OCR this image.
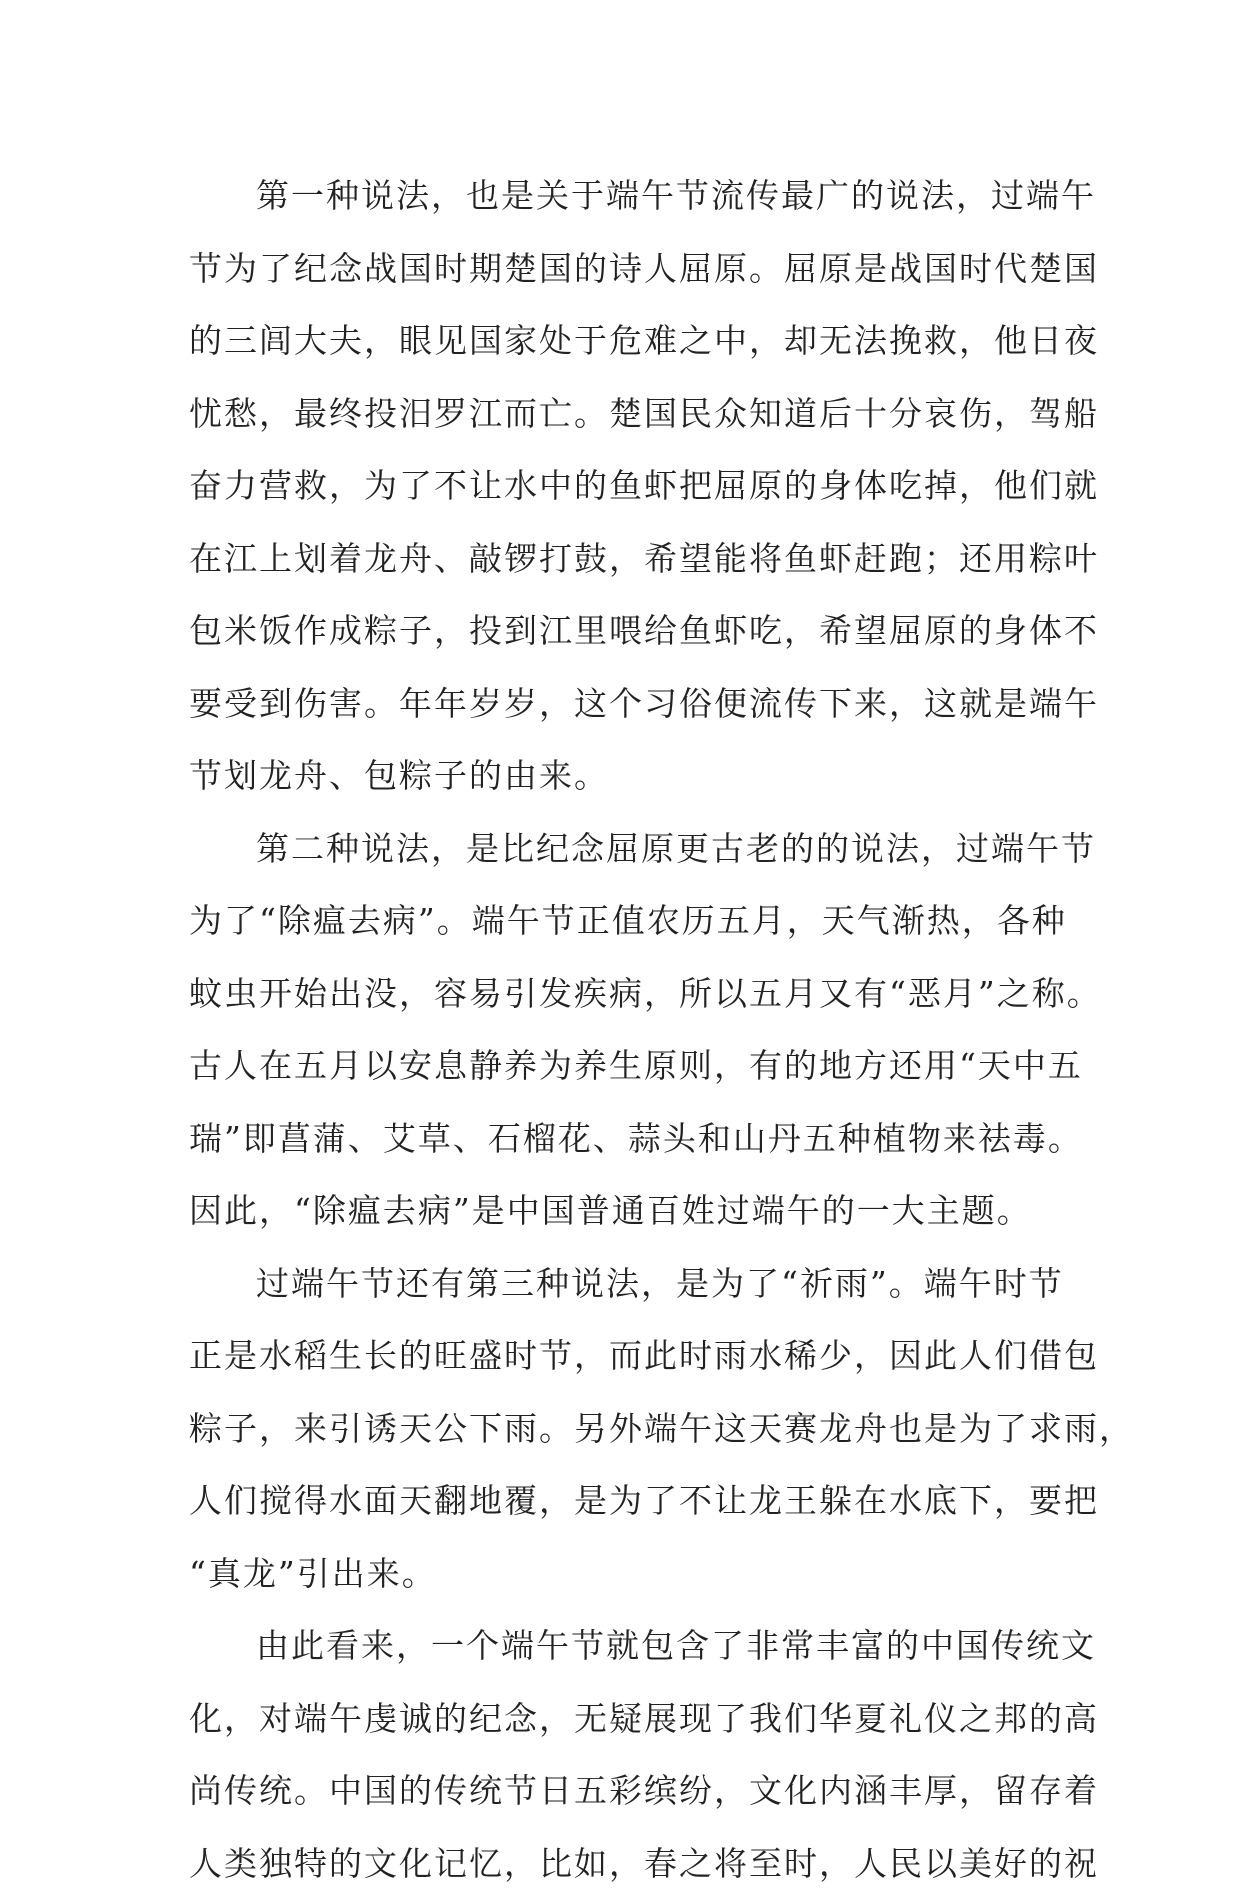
第一种说法，也是关于端午节流传最广的说法，过端午
节为了纪念战国时期楚国的诗人屈原。屈原是战国时代楚国
的三闾大夫，眼见国家处于危难之中，却无法挽救，他日夜
忧愁，最终投汨罗江而亡。楚国民众知道后十分哀伤，驾船
奋力营救，为了不让水中的鱼虾把屈原的身体吃掉，他们就
在江上划着龙舟、敲锣打鼓，希望能将鱼虾赶跑；还用粽叶
包米饭作成粽子，投到江里喂给鱼虾吃，希望屈原的身体不
要受到伤害。年年岁岁，这个习俗便流传下来，这就是端午
节划龙舟、包粽子的由来。
第二种说法，是比纪念屈原更古老的的说法，过端午节
为了“除瘟去病”。端午节正值农历五月，天气渐热，各种
蚊虫开始出没，容易引发疾病，所以五月又有“恶月”之称。
古人在五月以安息静养为养生原则，有的地方还用“天中五
瑞”即菖蒲、艾草、石榴花、蒜头和山丹五种植物来祛毒。
因此，“除瘟去病”是中国普通百姓过端午的一大主题。
过端午节还有第三种说法，是为了“祈雨”。端午时节
正是水稻生长的旺盛时节，而此时雨水稀少，因此人们借包
粽子，来引诱天公下雨。另外端午这天赛龙舟也是为了求雨，
人们搅得水面天翻地覆，是为了不让龙王躲在水底下，要把
“真龙”引出来。
由此看来，一个端午节就包含了非常丰富的中国传统文
化，对端午虔诚的纪念，无疑展现了我们华夏礼仪之邦的高
尚传统。中国的传统节日五彩缤纷，文化内涵丰厚，留存着
人类独特的文化记忆，比如，春之将至时，人民以美好的祝
